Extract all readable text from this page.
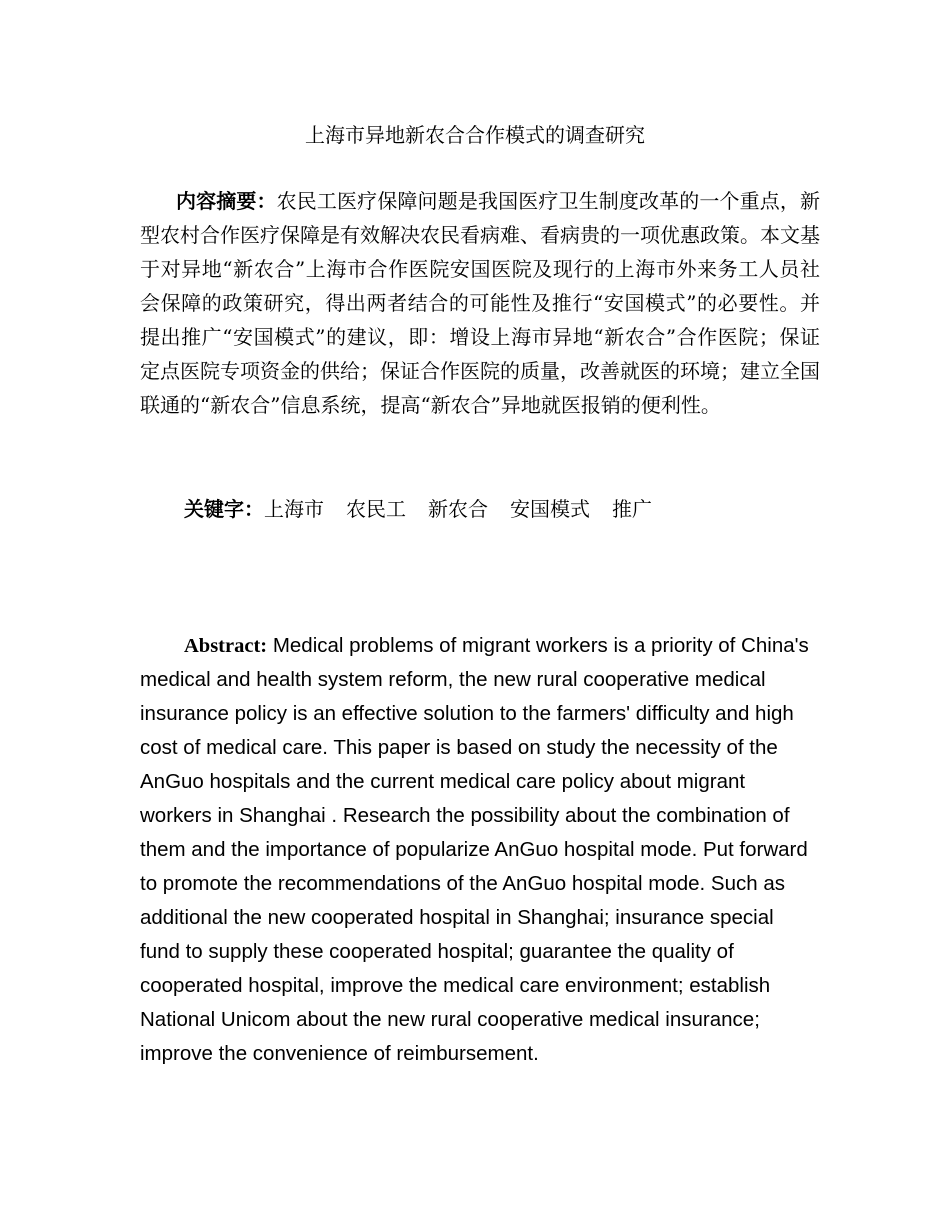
上海市异地新农合合作模式的调查研究
内容摘要：农民工医疗保障问题是我国医疗卫生制度改革的一个重点，新型农村合作医疗保障是有效解决农民看病难、看病贵的一项优惠政策。本文基于对异地“新农合”上海市合作医院安国医院及现行的上海市外来务工人员社会保障的政策研究，得出两者结合的可能性及推行“安国模式”的必要性。并提出推广“安国模式”的建议，即：增设上海市异地“新农合”合作医院；保证定点医院专项资金的供给；保证合作医院的质量，改善就医的环境；建立全国联通的“新农合”信息系统，提高“新农合”异地就医报销的便利性。
关键字：上海市 农民工 新农合 安国模式 推广
Abstract: Medical problems of migrant workers is a priority of China's medical and health system reform, the new rural cooperative medical insurance policy is an effective solution to the farmers' difficulty and high cost of medical care. This paper is based on study the necessity of the AnGuo hospitals and the current medical care policy about migrant workers in Shanghai . Research the possibility about the combination of them and the importance of popularize AnGuo hospital mode. Put forward to promote the recommendations of the AnGuo hospital mode. Such as additional the new cooperated hospital in Shanghai; insurance special fund to supply these cooperated hospital; guarantee the quality of cooperated hospital, improve the medical care environment; establish National Unicom about the new rural cooperative medical insurance; improve the convenience of reimbursement.
